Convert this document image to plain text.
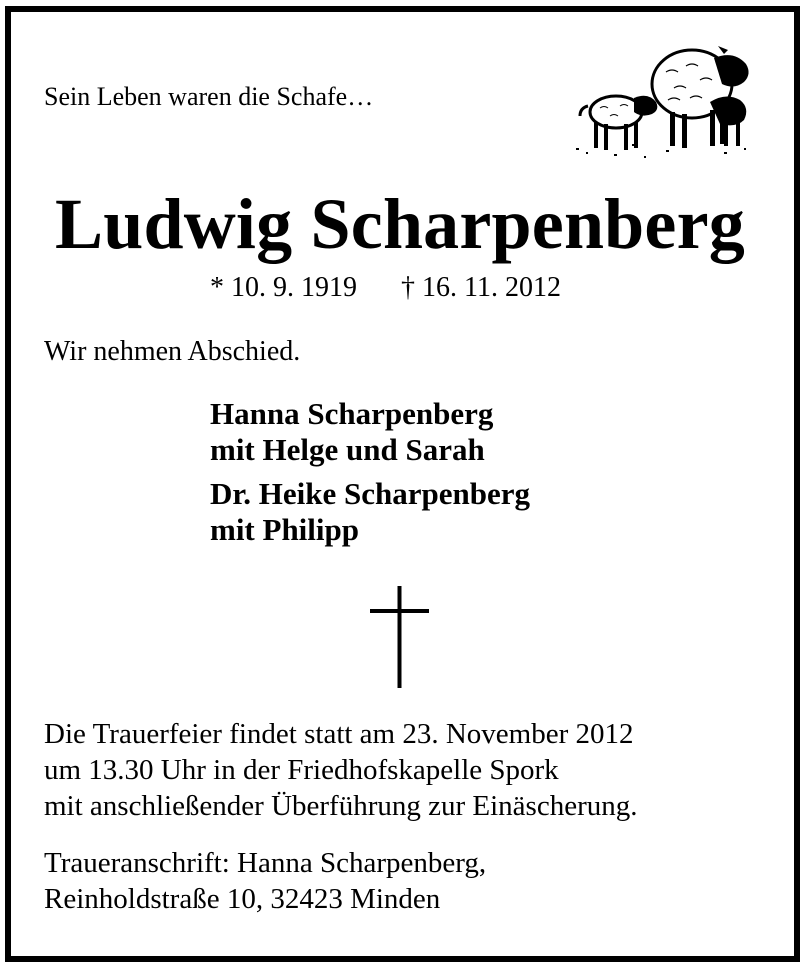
Sein Leben waren die Schafe…
Ludwig Scharpenberg
* 10. 9. 1919 † 16. 11. 2012
Wir nehmen Abschied.
Hanna Scharpenberg
mit Helge und Sarah
Dr. Heike Scharpenberg
mit Philipp
Die Trauerfeier findet statt am 23. November 2012
um 13.30 Uhr in der Friedhofskapelle Spork
mit anschließender Überführung zur Einäscherung.
Traueranschrift: Hanna Scharpenberg,
Reinholdstraße 10, 32423 Minden
